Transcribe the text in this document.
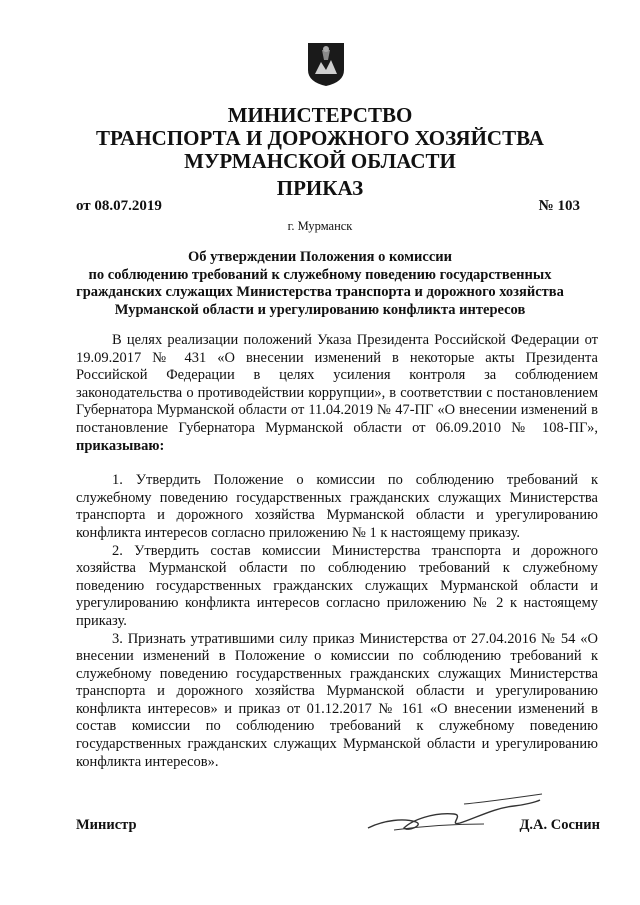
МИНИСТЕРСТВО
ТРАНСПОРТА И ДОРОЖНОГО ХОЗЯЙСТВА
МУРМАНСКОЙ ОБЛАСТИ
ПРИКАЗ
от 08.07.2019	№ 103
г. Мурманск
Об утверждении Положения о комиссии
по соблюдению требований к служебному поведению государственных
гражданских служащих Министерства транспорта и дорожного хозяйства
Мурманской области и урегулированию конфликта интересов

В целях реализации положений Указа Президента Российской Федерации от 19.09.2017 № 431 «О внесении изменений в некоторые акты Президента Российской Федерации в целях усиления контроля за соблюдением законодательства о противодействии коррупции», в соответствии с постановлением Губернатора Мурманской области от 11.04.2019 № 47-ПГ «О внесении изменений в постановление Губернатора Мурманской области от 06.09.2010 № 108-ПГ», приказываю:

1. Утвердить Положение о комиссии по соблюдению требований к служебному поведению государственных гражданских служащих Министерства транспорта и дорожного хозяйства Мурманской области и урегулированию конфликта интересов согласно приложению № 1 к настоящему приказу.

2. Утвердить состав комиссии Министерства транспорта и дорожного хозяйства Мурманской области по соблюдению требований к служебному поведению государственных гражданских служащих Мурманской области и урегулированию конфликта интересов согласно приложению № 2 к настоящему приказу.

3. Признать утратившими силу приказ Министерства от 27.04.2016 № 54 «О внесении изменений в Положение о комиссии по соблюдению требований к служебному поведению государственных гражданских служащих Министерства транспорта и дорожного хозяйства Мурманской области и урегулированию конфликта интересов» и приказ от 01.12.2017 № 161 «О внесении изменений в состав комиссии по соблюдению требований к служебному поведению государственных гражданских служащих Мурманской области и урегулированию конфликта интересов».

Министр	Д.А. Соснин
